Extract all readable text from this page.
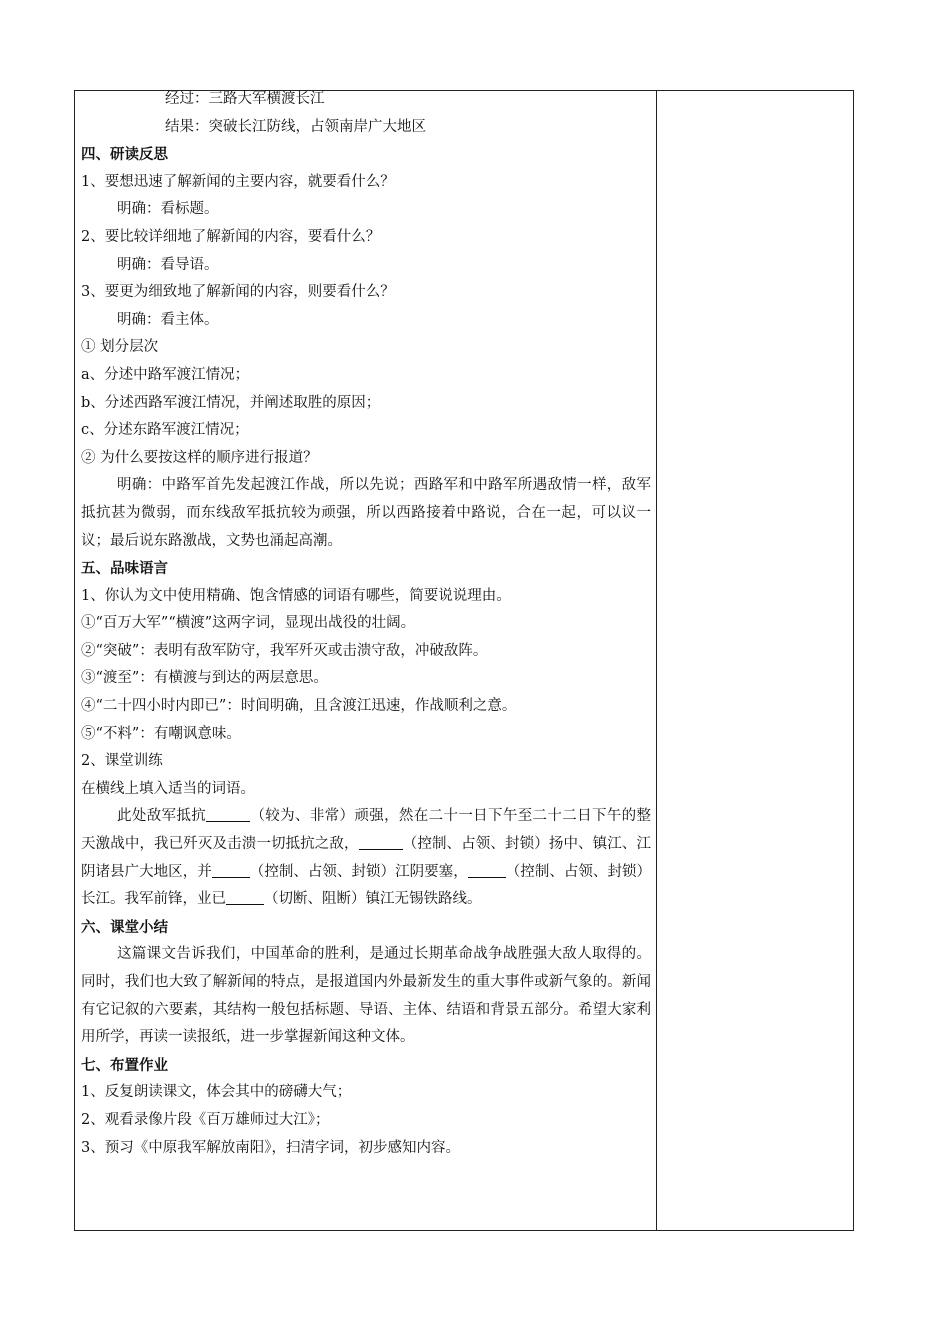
经过：三路大军横渡长江
结果：突破长江防线，占领南岸广大地区
四、研读反思
1、要想迅速了解新闻的主要内容，就要看什么？
明确：看标题。
2、要比较详细地了解新闻的内容，要看什么？
明确：看导语。
3、要更为细致地了解新闻的内容，则要看什么？
明确：看主体。
① 划分层次
a、分述中路军渡江情况；
b、分述西路军渡江情况，并阐述取胜的原因；
c、分述东路军渡江情况；
② 为什么要按这样的顺序进行报道？
明确：中路军首先发起渡江作战，所以先说；西路军和中路军所遇敌情一样，敌军抵抗甚为微弱，而东线敌军抵抗较为顽强，所以西路接着中路说，合在一起，可以议一议；最后说东路激战，文势也涌起高潮。
五、品味语言
1、你认为文中使用精确、饱含情感的词语有哪些，简要说说理由。
①“百万大军”“横渡”这两字词，显现出战役的壮阔。
②“突破”：表明有敌军防守，我军歼灭或击溃守敌，冲破敌阵。
③“渡至”：有横渡与到达的两层意思。
④“二十四小时内即已”：时间明确，且含渡江迅速，作战顺利之意。
⑤“不料”：有嘲讽意味。
2、课堂训练
在横线上填入适当的词语。
此处敌军抵抗	（较为、非常）顽强，然在二十一日下午至二十二日下午的整天激战中，我已歼灭及击溃一切抵抗之敌，	（控制、占领、封锁）扬中、镇江、江阴诸县广大地区，并	（控制、占领、封锁）江阴要塞，	（控制、占领、封锁）长江。我军前锋，业已	（切断、阻断）镇江无锡铁路线。
六、课堂小结
这篇课文告诉我们，中国革命的胜利，是通过长期革命战争战胜强大敌人取得的。同时，我们也大致了解新闻的特点，是报道国内外最新发生的重大事件或新气象的。新闻有它记叙的六要素，其结构一般包括标题、导语、主体、结语和背景五部分。希望大家利用所学，再读一读报纸，进一步掌握新闻这种文体。
七、布置作业
1、反复朗读课文，体会其中的磅礴大气；
2、观看录像片段《百万雄师过大江》；
3、预习《中原我军解放南阳》，扫清字词，初步感知内容。
